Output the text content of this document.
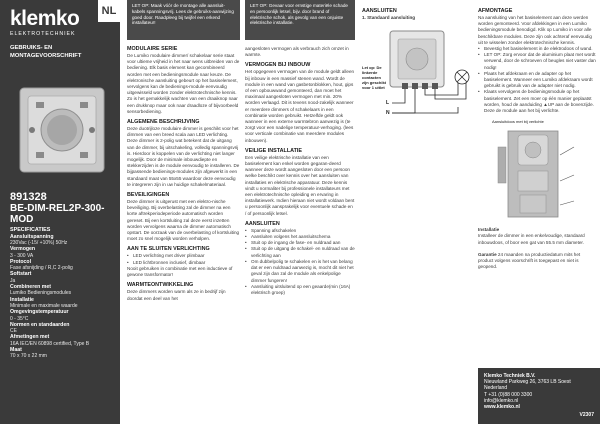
klemko
ELEKTROTECHNIEK
NL
GEBRUIKS- EN
MONTAGEVOORSCHRIFT
891328
BE-DIM-REL2P-300-MOD
SPECIFICATIES
Aansluitspanning
230Vac (-15/ +10%) 50Hz
Vermogen
3 - 300 VA
Protocol
Fase afsnijding / R,C 2-polig
Softstart
Ja
Combineren met
Lumiko Bedieningsmodules
Installatie
Minimale en maximale waarde
Omgevingstemperatuur
0 - 35°C
Normen en standaarden
CE
Afmetingen met
16A IEC/EN 60898 certified, Type B
Maat
70 x 70 x 22 mm
LET OP: Maak vóór de montage alle aansluit-kabels spanningsvrij. Lees de gebruiks-aanwijzing goed door. Raadpleeg bij twijfel een erkend installateur!
MODULAIRE SERIE
De Lumiko modulaire dimmer/ schakelaar serie staat voor ultieme vrijheid in het naar wens uitbreiden van de bediening. Elk basis element kan gecombineerd worden met een bedieningsmodule naar keuze. De elektronische aansluiting gebeurt op het basiselement, vervolgens kan de bedienings-module eenvoudig uitgewisseld worden zonder elektrotechnische kennis. Zo is het gemakkelijk wachten van een draaiknop naar een drukknop maar ook naar draadloze of bijvoorbeeld sensorbediening.
ALGEMENE BESCHRIJVING
Deze duotrijloze modulaire dimmer is geschikt voor het dimmen van een breed scala aan LED verlichting. Deze dimmer is 2-polig wat betekent dat de uitgang van de dimmer, bij uitschakeling, volledig spanningsvrij is. Hierdoor is koppelen van de verlichting niet langer mogelijk. Door de minimale inbouwdiepte en stekkerzijden is de module eenvoudig te installeren. De bijpassende bedienings-modules zijn afgewerkt in een standaard maat van 55x55 waardoor deze eenvoudig te integreren zijn in uw huidige schakelmateriaal.
BEVEILIGINGEN
Deze dimmer is uitgerust met een elektro-nische beveiliging. Bij overbelasting zal de dimmer na een korte aftrekperiodeperiode automatisch worden gereset. Bij een kortsluiting zal deze eerst inzetten worden vervolgens waarna de dimmer automatisch opstart. De oorzaak van de overbelasting of kortsluiting moet zo snel mogelijk worden verholpen.
AAN TE SLUITEN VERLICHTING
• LED verlichting met driver plimbaar
• LED lichtbronnen inclusief, dimbaar
Nooit gebruiken in combinatie met een inductieve of gewone transformator!
WARMTEONTWIKKELING
Deze dimmers worden warm als ze in bedrijf zijn doordat een deel van het
LET OP: Gevaar voor ernstige materiële schade en persoonlijk letsel, bijv. door brand of elektrische schok, als gevolg van een onjuiste elektrische installatie.
aangesloten vermogen als verbrauch zich omzet in warmte.
VERMOGEN BIJ INBOUW
Het opgegeven vermogen van de module geldt alleen bij inbouw in een massief stenen wand. Wordt de module in een wand van gasbetonblokken, hout, gips of een opbouwwand gemonteerd, dan moet het maximaal aangesloten vermogen met min. 20% worden verlaagd. Dit is tevens nood-zakelijk wanneer er meerdere dimmers of schakelaars in een combinatie worden gebruikt. Hetzelfde geldt ook wanneer in een externe warmtebron aanwezig is (te zorgt voor een nadelige temperatuur-verhoging. (lees voor verticale combinatie van meerdere modules inbouwen).
VEILIGE INSTALLATIE
Een veilige elektrische installatie van een basiselement kan enkel worden gegaran-deerd wanneer deze wordt aangesloten door een persoon welke beschikt over kennis over het aansluiten van installaties en elektrische apparatuur. Deze kennis vindt u normaliter bij professionele installateurs met een elektrotechnische opleiding en ervaring in installatiewerk. Indien hieraan niet wordt voldaan bent u persoonlijk aansprakelijk voor eventuele schade en / of persoonlijk letsel.
AANSLUITEN
• Spanning afschakelen
• Aansluiten volgens het aansluitschema
• Stuit op de ingang de fase- en nuldraad aan
• Stuit op de uitgang de schakel- en nuldraad van de verlichting aan
• Om dubbelpolig te schakelen en is het van belang dat er een nuldraad aanwezig is, mocht dit niet het geval zijn dan zal de module als enkelpolige dimmer fungeren!
• Aansluiting uitsluitend op een geaarde(min (16A) elektrisch groep)
AANSLUITEN
1. Standaard aansluiting
Let op: De linkerde contacten zijn geschikt voor 1 uitlet
L
N
AFMONTAGE
Na aansluiting van het basiselement aan deze werden worden gemonteerd. Voor afdekkingen in een Lumiko bedieningsmodule benodigd. Klik op Lumiko in voor alle beschikbare modules. Deze zijn ook achteraf eenvoudig uit te wisselen zonder elektrotechnische kennis.
• Bevestig het basiselement in de elektrodoos of wand.
• LET OP: Zorg ervoor dat de aluminium plaat met wordt verwend, door de schroeven of beugles niet vaster dan nodig!
• Plaats het afdekraam en de adapter op het basiselement. Wanneer een Lumiko afdekraam wordt gebruikt is gebruik van de adapter niet nodig.
• Klaats vervolgens de bedieningsmodule op het basiselement. Zet een moer op één manier geplaatst worden, houd de aanduiding ▲UP aan de bovenzijde. Deze de module aan het bij verlichte.
Aansluitdoos met bij verlichte
Installatie
Installeer de dimmer in een enkelvoudige, standaard inbouwdoos, of boor een gat van 55.5 mm diameter.
Garantie 24 maanden na productiedatum mits het product volgens voorschrift is toegepast en niet is geopend.
Klemko Techniek B.V.
Nieuwland Parkweg 26, 3763 LB Soest
Nederland
T +31 (0)88 000 3300
info@klemko.nl
www.klemko.nl
V2307
